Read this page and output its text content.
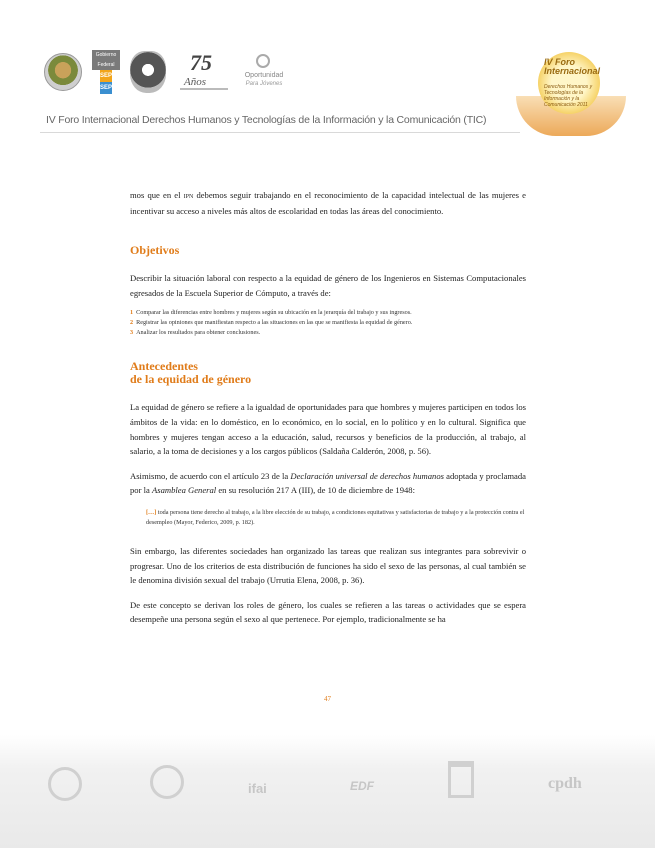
Gobierno Federal
SEP
SEP
75
Años
Oportunidad
Para Jóvenes
IV Foro Internacional
Derechos Humanos y Tecnologías de la Información y la Comunicación 2011
IV Foro Internacional Derechos Humanos y Tecnologías de la Información y la Comunicación (TIC)

mos que en el ipn debemos seguir trabajando en el reconocimiento de la capacidad intelectual de las mujeres e incentivar su acceso a niveles más altos de escolaridad en todas las áreas del conocimiento.

Objetivos

Describir la situación laboral con respecto a la equidad de género de los Ingenieros en Sistemas Computacionales egresados de la Escuela Superior de Cómputo, a través de:

1 Comparar las diferencias entre hombres y mujeres según su ubicación en la jerarquía del trabajo y sus ingresos.
2 Registrar las opiniones que manifiestan respecto a las situaciones en las que se manifiesta la equidad de género.
3 Analizar los resultados para obtener conclusiones.
Antecedentes
de la equidad de género

La equidad de género se refiere a la igualdad de oportunidades para que hombres y mujeres participen en todos los ámbitos de la vida: en lo doméstico, en lo económico, en lo social, en lo político y en lo cultural. Significa que hombres y mujeres tengan acceso a la educación, salud, recursos y beneficios de la producción, al trabajo, al salario, a la toma de decisiones y a los cargos públicos (Saldaña Calderón, 2008, p. 56).

Asimismo, de acuerdo con el artículo 23 de la Declaración universal de derechos humanos adoptada y proclamada por la Asamblea General en su resolución 217 A (III), de 10 de diciembre de 1948:

[…] toda persona tiene derecho al trabajo, a la libre elección de su trabajo, a condiciones equitativas y satisfactorias de trabajo y a la protección contra el desempleo (Mayor, Federico, 2009, p. 182).

Sin embargo, las diferentes sociedades han organizado las tareas que realizan sus integrantes para sobrevivir o progresar. Uno de los criterios de esta distribución de funciones ha sido el sexo de las personas, al cual también se le denomina división sexual del trabajo (Urrutia Elena, 2008, p. 36).

De este concepto se derivan los roles de género, los cuales se refieren a las tareas o actividades que se espera desempeñe una persona según el sexo al que pertenece. Por ejemplo, tradicionalmente se ha

47
ifai	EDF	cpdh
